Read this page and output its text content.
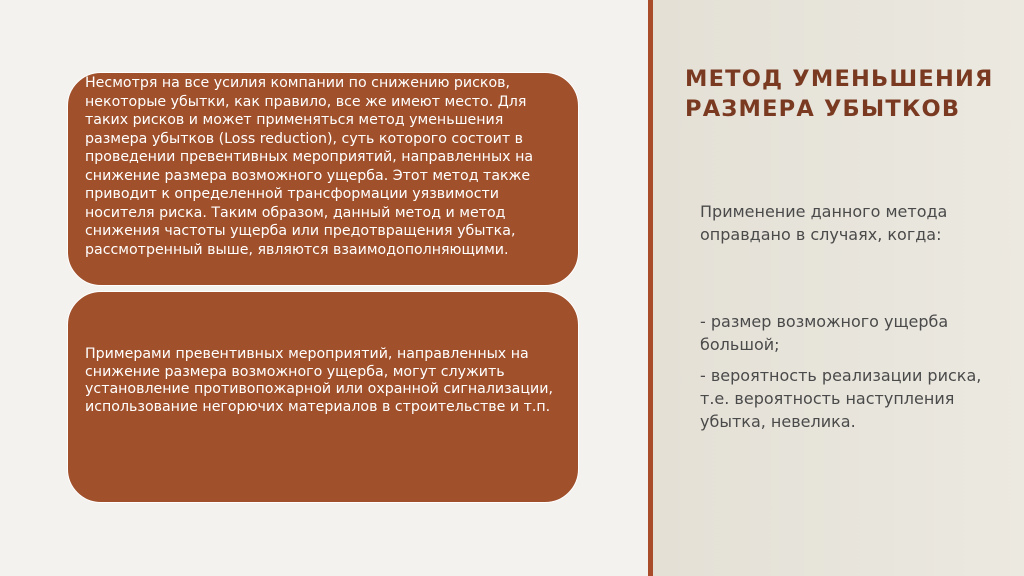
Несмотря на все усилия компании по снижению рисков, некоторые убытки, как правило, все же имеют место. Для таких рисков и может применяться метод уменьшения размера убытков (Loss reduction), суть которого состоит в проведении превентивных мероприятий, направленных на снижение размера возможного ущерба. Этот метод также приводит к определенной трансформации уязвимости носителя риска. Таким образом, данный метод и метод снижения частоты ущерба или предотвращения убытка, рассмотренный выше, являются взаимодополняющими.

Примерами превентивных мероприятий, направленных на снижение размера возможного ущерба, могут служить установление противопожарной или охранной сигнализации, использование негорючих материалов в строительстве и т.п.

МЕТОД УМЕНЬШЕНИЯ РАЗМЕРА УБЫТКОВ

Применение данного метода оправдано в случаях, когда:

- размер возможного ущерба большой;

- вероятность реализации риска, т.е. вероятность наступления убытка, невелика.
